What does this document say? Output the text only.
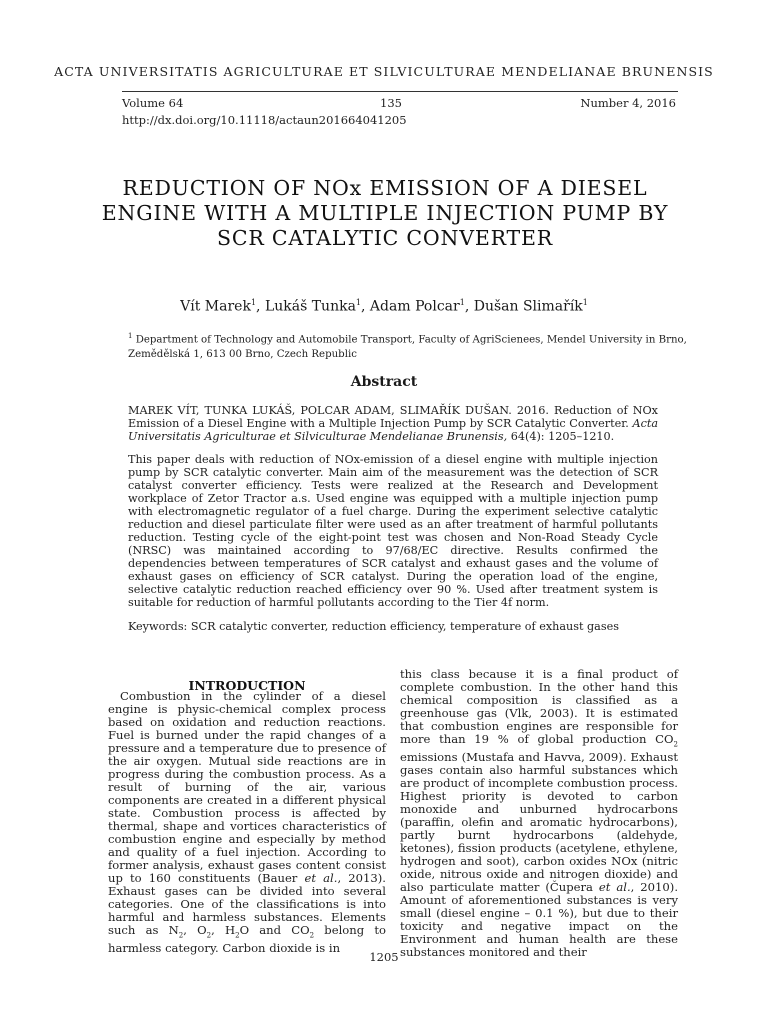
ACTA UNIVERSITATIS AGRICULTURAE ET SILVICULTURAE MENDELIANAE BRUNENSIS
Volume 64	135	Number 4, 2016
http://dx.doi.org/10.11118/actaun201664041205
REDUCTION OF NOx EMISSION OF A DIESEL ENGINE WITH A MULTIPLE INJECTION PUMP BY SCR CATALYTIC CONVERTER
Vít Marek$^1$, Lukáš Tunka$^1$, Adam Polcar$^1$, Dušan Slimařík$^1$
$^1$ Department of Technology and Automobile Transport, Faculty of AgriScienees, Mendel University in Brno, Zemědělská 1, 613 00 Brno, Czech Republic
Abstract
MAREK VÍT, TUNKA LUKÁŠ, POLCAR ADAM, SLIMAŘÍK DUŠAN. 2016. Reduction of NOx Emission of a Diesel Engine with a Multiple Injection Pump by SCR Catalytic Converter. Acta Universitatis Agriculturae et Silviculturae Mendelianae Brunensis, 64(4): 1205–1210.
This paper deals with reduction of NOx-emission of a diesel engine with multiple injection pump by SCR catalytic converter. Main aim of the measurement was the detection of SCR catalyst converter efficiency. Tests were realized at the Research and Development workplace of Zetor Tractor a.s. Used engine was equipped with a multiple injection pump with electromagnetic regulator of a fuel charge. During the experiment selective catalytic reduction and diesel particulate filter were used as an after treatment of harmful pollutants reduction. Testing cycle of the eight-point test was chosen and Non-Road Steady Cycle (NRSC) was maintained according to 97/68/EC directive. Results confirmed the dependencies between temperatures of SCR catalyst and exhaust gases and the volume of exhaust gases on efficiency of SCR catalyst. During the operation load of the engine, selective catalytic reduction reached efficiency over 90 %. Used after treatment system is suitable for reduction of harmful pollutants according to the Tier 4f norm.
Keywords: SCR catalytic converter, reduction efficiency, temperature of exhaust gases
INTRODUCTION

Combustion in the cylinder of a diesel engine is physic-chemical complex process based on oxidation and reduction reactions. Fuel is burned under the rapid changes of a pressure and a temperature due to presence of the air oxygen. Mutual side reactions are in progress during the combustion process. As a result of burning of the air, various components are created in a different physical state. Combustion process is affected by thermal, shape and vortices characteristics of combustion engine and especially by method and quality of a fuel injection. According to former analysis, exhaust gases content consist up to 160 constituents (Bauer et al., 2013). Exhaust gases can be divided into several categories. One of the classifications is into harmful and harmless substances. Elements such as $N_2$, $O_2$, $H_2O$ and $CO_2$ belong to harmless category. Carbon dioxide is in

this class because it is a final product of complete combustion. In the other hand this chemical composition is classified as a greenhouse gas (Vlk, 2003). It is estimated that combustion engines are responsible for more than 19 % of global production $CO_2$ emissions (Mustafa and Havva, 2009). Exhaust gases contain also harmful substances which are product of incomplete combustion process. Highest priority is devoted to carbon monoxide and unburned hydrocarbons (paraffin, olefin and aromatic hydrocarbons), partly burnt hydrocarbons (aldehyde, ketones), fission products (acetylene, ethylene, hydrogen and soot), carbon oxides NOx (nitric oxide, nitrous oxide and nitrogen dioxide) and also particulate matter (Čupera et al., 2010). Amount of aforementioned substances is very small (diesel engine – 0.1 %), but due to their toxicity and negative impact on the Environment and human health are these substances monitored and their
1205
